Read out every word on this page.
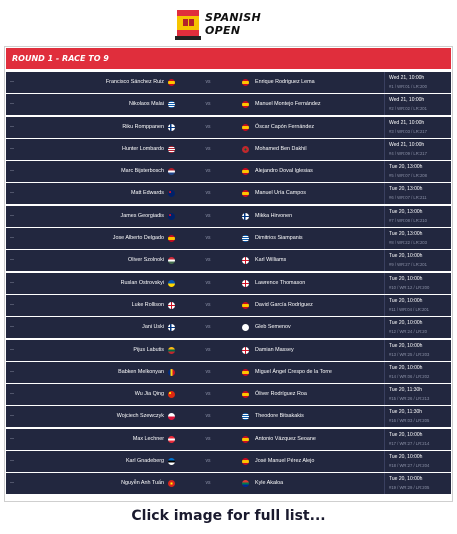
SPANISH
OPEN
ROUND 1 - RACE TO 9
--	Francisco Sánchez Ruiz	vs	Enrique Rodriguez Lema
Wed 21, 10:00h
#1 / WR:01 / LR:200
--	Nikolaos Malai	vs	Manuel Montejo Fernández
Wed 21, 10:00h
#2 / WR:02 / LR:201
--	Riku Romppanen	vs	Óscar Capón Fernández
Wed 21, 10:00h
#3 / WR:03 / LR:217
--	Hunter Lombardo	vs	Mohamed Ben Dakhil
Wed 21, 10:00h
#4 / WR:09 / LR:217
--	Marc Bijsterbosch	vs	Alejandro Doval Iglesias
Tue 20, 13:00h
#5 / WR:07 / LR:208
--	Matt Edwards	vs	Manuel Uría Campos
Tue 20, 13:00h
#6 / WR:07 / LR:211
--	James Georgiadis	vs	Mikka Hirvonen
Tue 20, 13:00h
#7 / WR:08 / LR:210
--	Jose Alberto Delgado	vs	Dimitrios Siampanis
Tue 20, 13:00h
#8 / WR:22 / LR:203
--	Oliver Szolnoki	vs	Karl Williams
Tue 20, 10:00h
#9 / WR:27 / LR:201
--	Ruslan Ostrovskyi	vs	Lawrence Thomason
Tue 20, 10:00h
#10 / WR:12 / LR:200
--	Luke Rollison	vs	David García Rodríguez
Tue 20, 10:00h
#11 / WR:04 / LR:201
--	Jani Uski	vs	Gleb Semenov
Tue 20, 10:00h
#12 / WR:24 / LR:20
--	Pijus Labutis	vs	Damian Massey
Tue 20, 10:00h
#13 / WR:25 / LR:203
--	Babken Melkonyan	vs	Miguel Ángel Crespo de la Torre
Tue 20, 10:00h
#14 / WR:06 / LR:202
--	Wu Jia Qing	vs	Óliver Rodríguez Roa
Tue 20, 11:30h
#15 / WR:26 / LR:213
--	Wojciech Szewczyk	vs	Theodore Bitsakakis
Tue 20, 11:30h
#16 / WR:03 / LR:205
--	Max Lechner	vs	Antonio Vázquez Seoane
Tue 20, 10:00h
#17 / WR:27 / LR:214
--	Karl Gnadeberg	vs	José Manuel Pérez Alejo
Tue 20, 10:00h
#18 / WR:27 / LR:204
--	Nguyễn Anh Tuấn	vs	Kyle Akaloa
Tue 20, 10:00h
#19 / WR:29 / LR:205
Click image for full list...
